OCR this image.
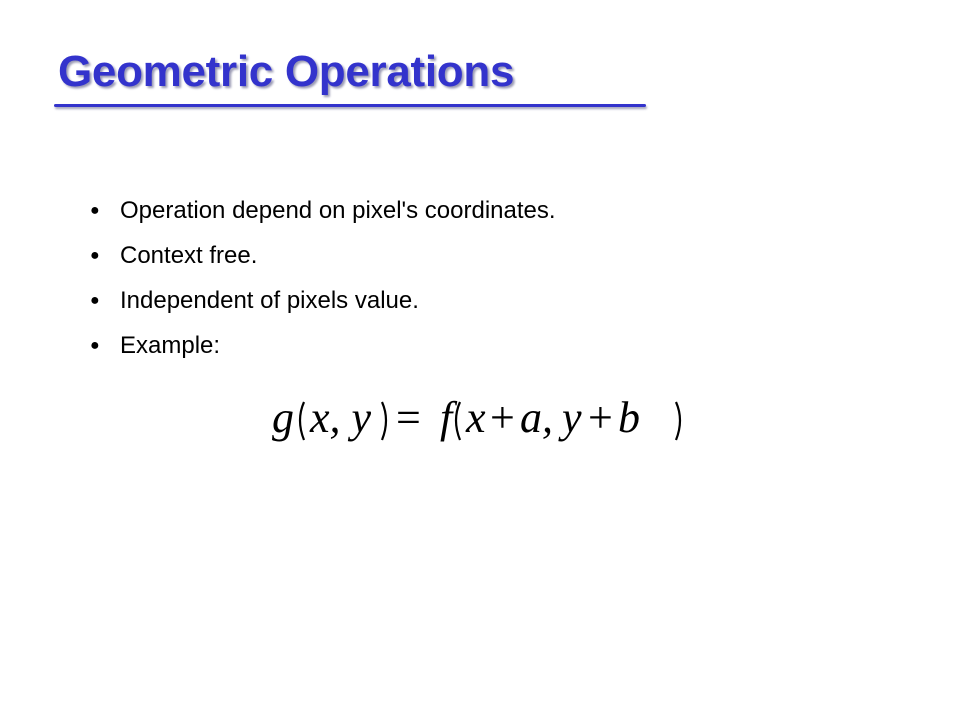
Geometric Operations
● Operation depend on pixel's coordinates.
● Context free.
● Independent of pixels value.
● Example:
g x, y = f x + a , y + b
